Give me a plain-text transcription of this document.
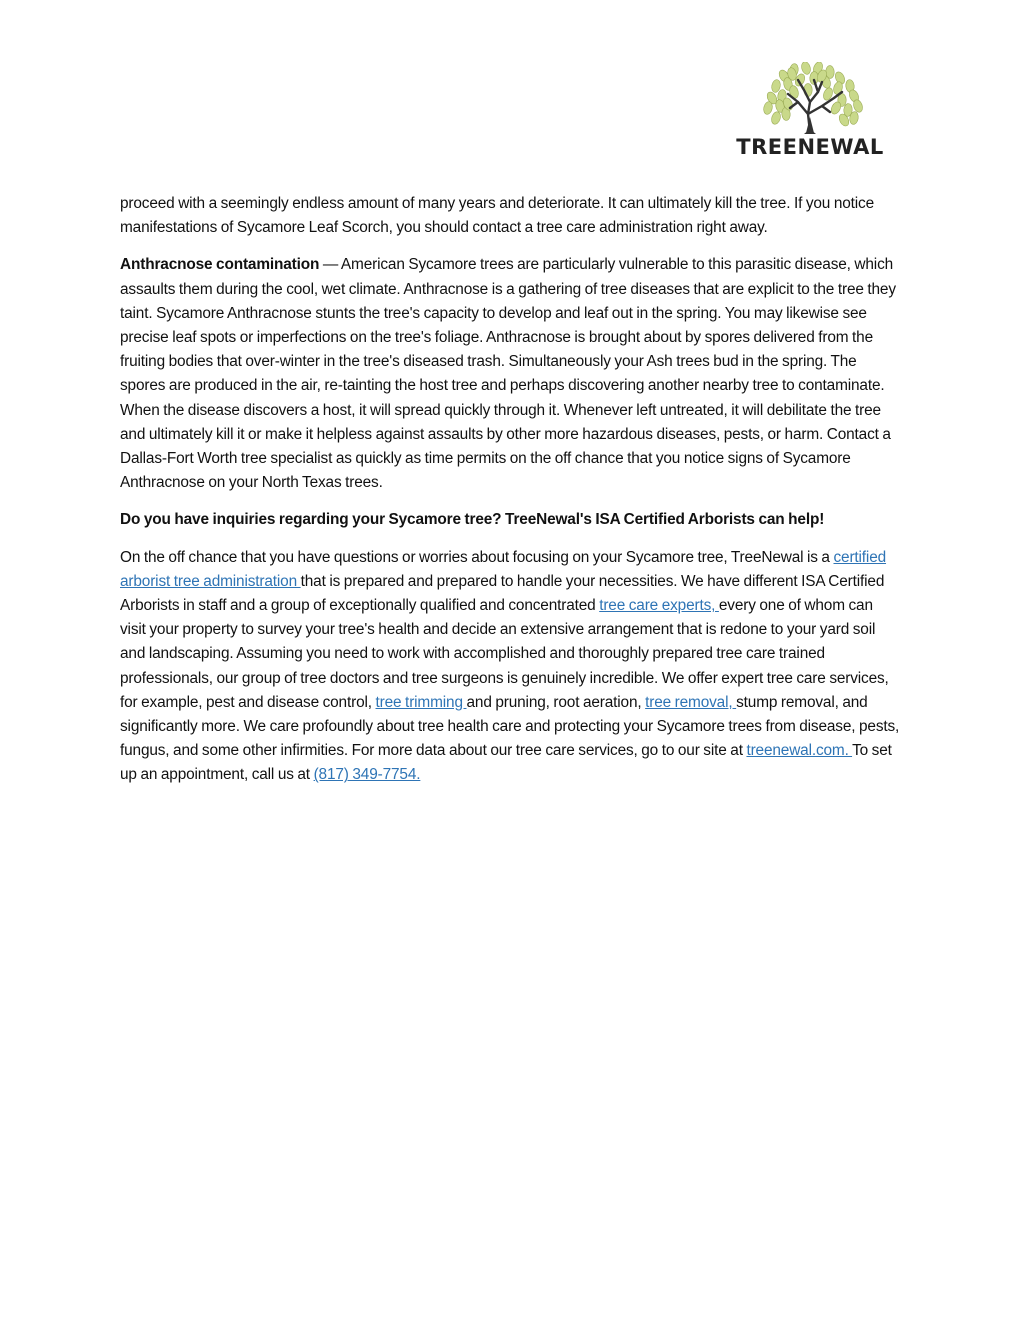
TREENEWAL

proceed with a seemingly endless amount of many years and deteriorate. It can ultimately kill the tree. If you notice manifestations of Sycamore Leaf Scorch, you should contact a tree care administration right away.

Anthracnose contamination — American Sycamore trees are particularly vulnerable to this parasitic disease, which assaults them during the cool, wet climate. Anthracnose is a gathering of tree diseases that are explicit to the tree they taint. Sycamore Anthracnose stunts the tree's capacity to develop and leaf out in the spring. You may likewise see precise leaf spots or imperfections on the tree's foliage. Anthracnose is brought about by spores delivered from the fruiting bodies that over-winter in the tree's diseased trash. Simultaneously your Ash trees bud in the spring. The spores are produced in the air, re-tainting the host tree and perhaps discovering another nearby tree to contaminate. When the disease discovers a host, it will spread quickly through it. Whenever left untreated, it will debilitate the tree and ultimately kill it or make it helpless against assaults by other more hazardous diseases, pests, or harm. Contact a Dallas-Fort Worth tree specialist as quickly as time permits on the off chance that you notice signs of Sycamore Anthracnose on your North Texas trees.

Do you have inquiries regarding your Sycamore tree? TreeNewal's ISA Certified Arborists can help!

On the off chance that you have questions or worries about focusing on your Sycamore tree, TreeNewal is a certified arborist tree administration that is prepared and prepared to handle your necessities. We have different ISA Certified Arborists in staff and a group of exceptionally qualified and concentrated tree care experts, every one of whom can visit your property to survey your tree's health and decide an extensive arrangement that is redone to your yard soil and landscaping. Assuming you need to work with accomplished and thoroughly prepared tree care trained professionals, our group of tree doctors and tree surgeons is genuinely incredible. We offer expert tree care services, for example, pest and disease control, tree trimming and pruning, root aeration, tree removal, stump removal, and significantly more. We care profoundly about tree health care and protecting your Sycamore trees from disease, pests, fungus, and some other infirmities. For more data about our tree care services, go to our site at treenewal.com. To set up an appointment, call us at (817) 349-7754.
